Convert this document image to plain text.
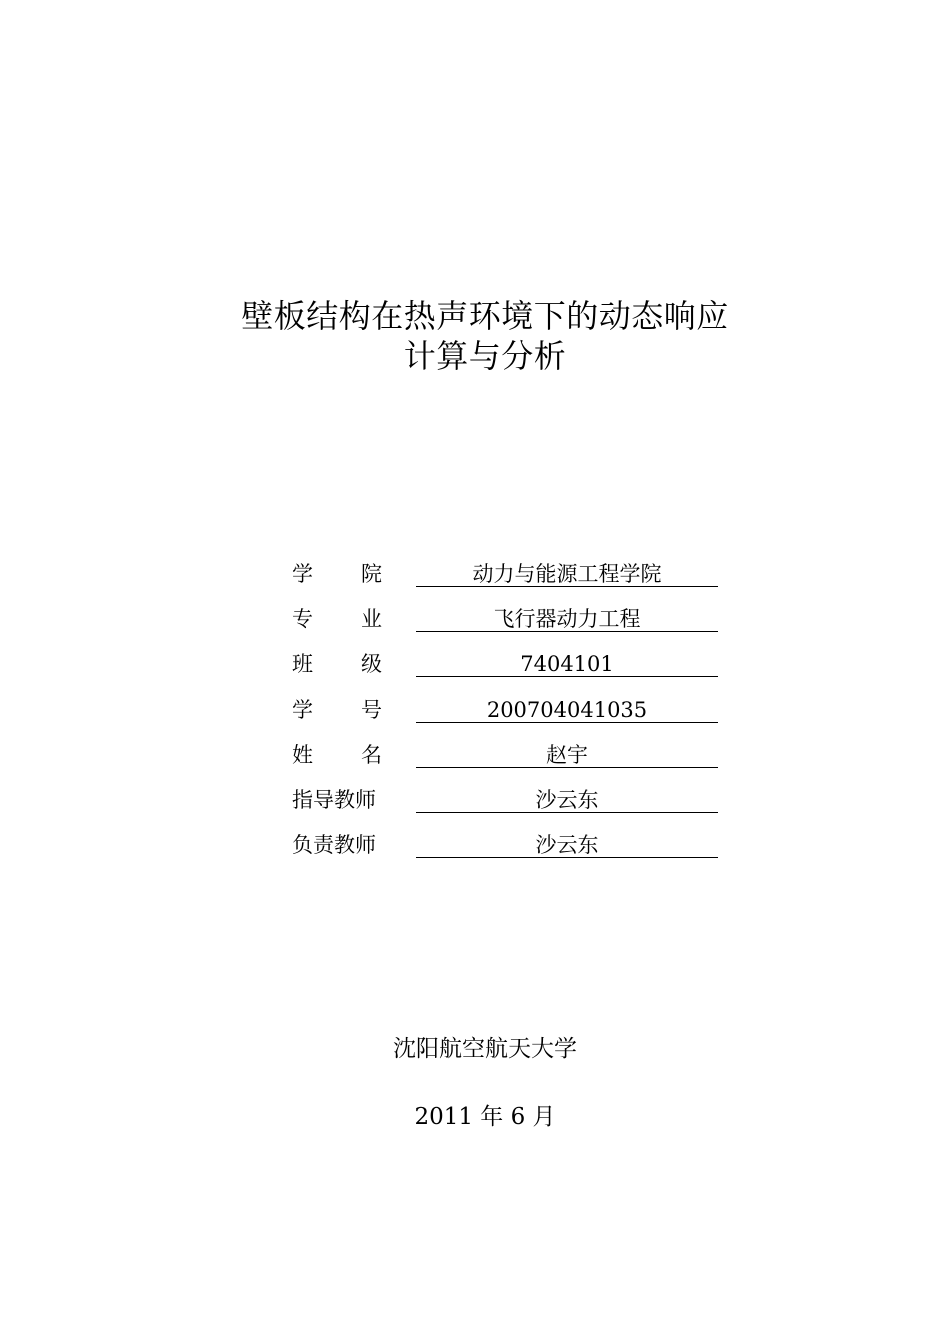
壁板结构在热声环境下的动态响应
计算与分析
学 院	动力与能源工程学院
专 业	飞行器动力工程
班 级	7404101
学 号	200704041035
姓 名	赵宇
指导教师	沙云东
负责教师	沙云东
沈阳航空航天大学
2011 年 6 月
